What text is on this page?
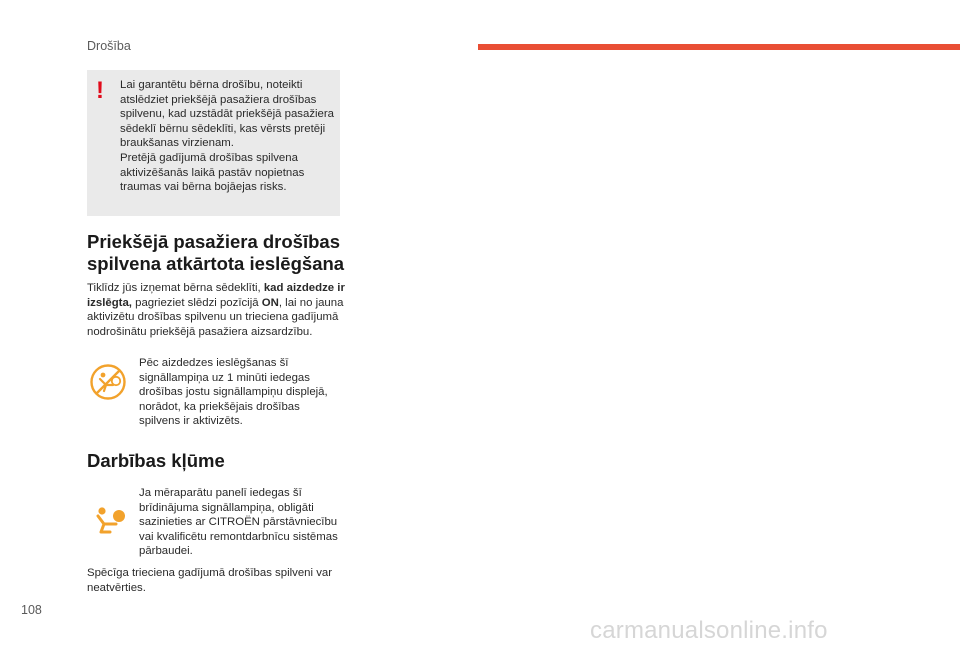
Drošība
! Lai garantētu bērna drošību, noteikti atslēdziet priekšējā pasažiera drošības spilvenu, kad uzstādāt priekšējā pasažiera sēdeklī bērnu sēdeklīti, kas vērsts pretēji braukšanas virzienam.

Pretējā gadījumā drošības spilvena aktivizēšanās laikā pastāv nopietnas traumas vai bērna bojāejas risks.

Priekšējā pasažiera drošības
spilvena atkārtota ieslēgšana

Tiklīdz jūs izņemat bērna sēdeklīti, kad aizdedze ir izslēgta, pagrieziet slēdzi pozīcijā ON, lai no jauna aktivizētu drošības spilvenu un trieciena gadījumā nodrošinātu priekšējā pasažiera aizsardzību.

Pēc aizdedzes ieslēgšanas šī signāllampiņa uz 1 minūti iedegas drošības jostu signāllampiņu displejā, norādot, ka priekšējais drošības spilvens ir aktivizēts.

Darbības kļūme

Ja mēraparātu panelī iedegas šī brīdinājuma signāllampiņa, obligāti sazinieties ar CITROËN pārstāvniecību vai kvalificētu remontdarbnīcu sistēmas pārbaudei.

Spēcīga trieciena gadījumā drošības spilveni var neatvērties.

108
carmanualsonline.info
